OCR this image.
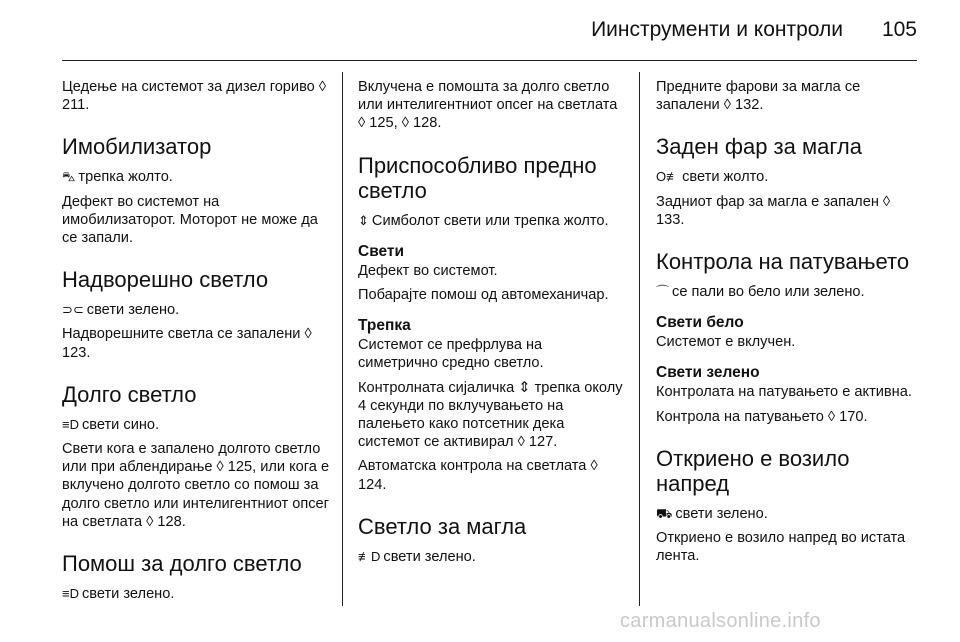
Иинструменти и контроли 105

Цедење на системот за дизел гориво ◊ 211.

Имобилизатор

⛍ трепка жолто.

Дефект во системот на имобилизаторот. Моторот не може да се запали.

Надворешно светло

⊃⊂ свети зелено.

Надворешните светла се запалени ◊ 123.

Долго светло

≡D свети сино.

Свети кога е запалено долгото светло или при аблендирање ◊ 125, или кога е вклучено долгото светло со помош за долго светло или интелигентниот опсег на светлата ◊ 128.

Помош за долго светло

≡D свети зелено.

Вклучена е помошта за долго светло или интелигентниот опсег на светлата ◊ 125, ◊ 128.

Приспособливо предно светло

⇕ Симболот свети или трепка жолто.

Свети

Дефект во системот.

Побарајте помош од автомеханичар.

Трепка

Системот се префрлува на симетрично средно светло.

Контролната сијаличка ⇕ трепка околу 4 секунди по вклучувањето на палењето како потсетник дека системот се активирал ◊ 127.

Автоматска контрола на светлата ◊ 124.

Светло за магла

≢D свети зелено.

Предните фарови за магла се запалени ◊ 132.

Заден фар за магла

O≢ свети жолто.

Задниот фар за магла е запален ◊ 133.

Контрола на патувањето

⌒ се пали во бело или зелено.

Свети бело

Системот е вклучен.

Свети зелено

Контролата на патувањето е активна.

Контрола на патувањето ◊ 170.

Откриено е возило напред

⛟ свети зелено.

Откриено е возило напред во истата лента.

carmanualsonline.info
